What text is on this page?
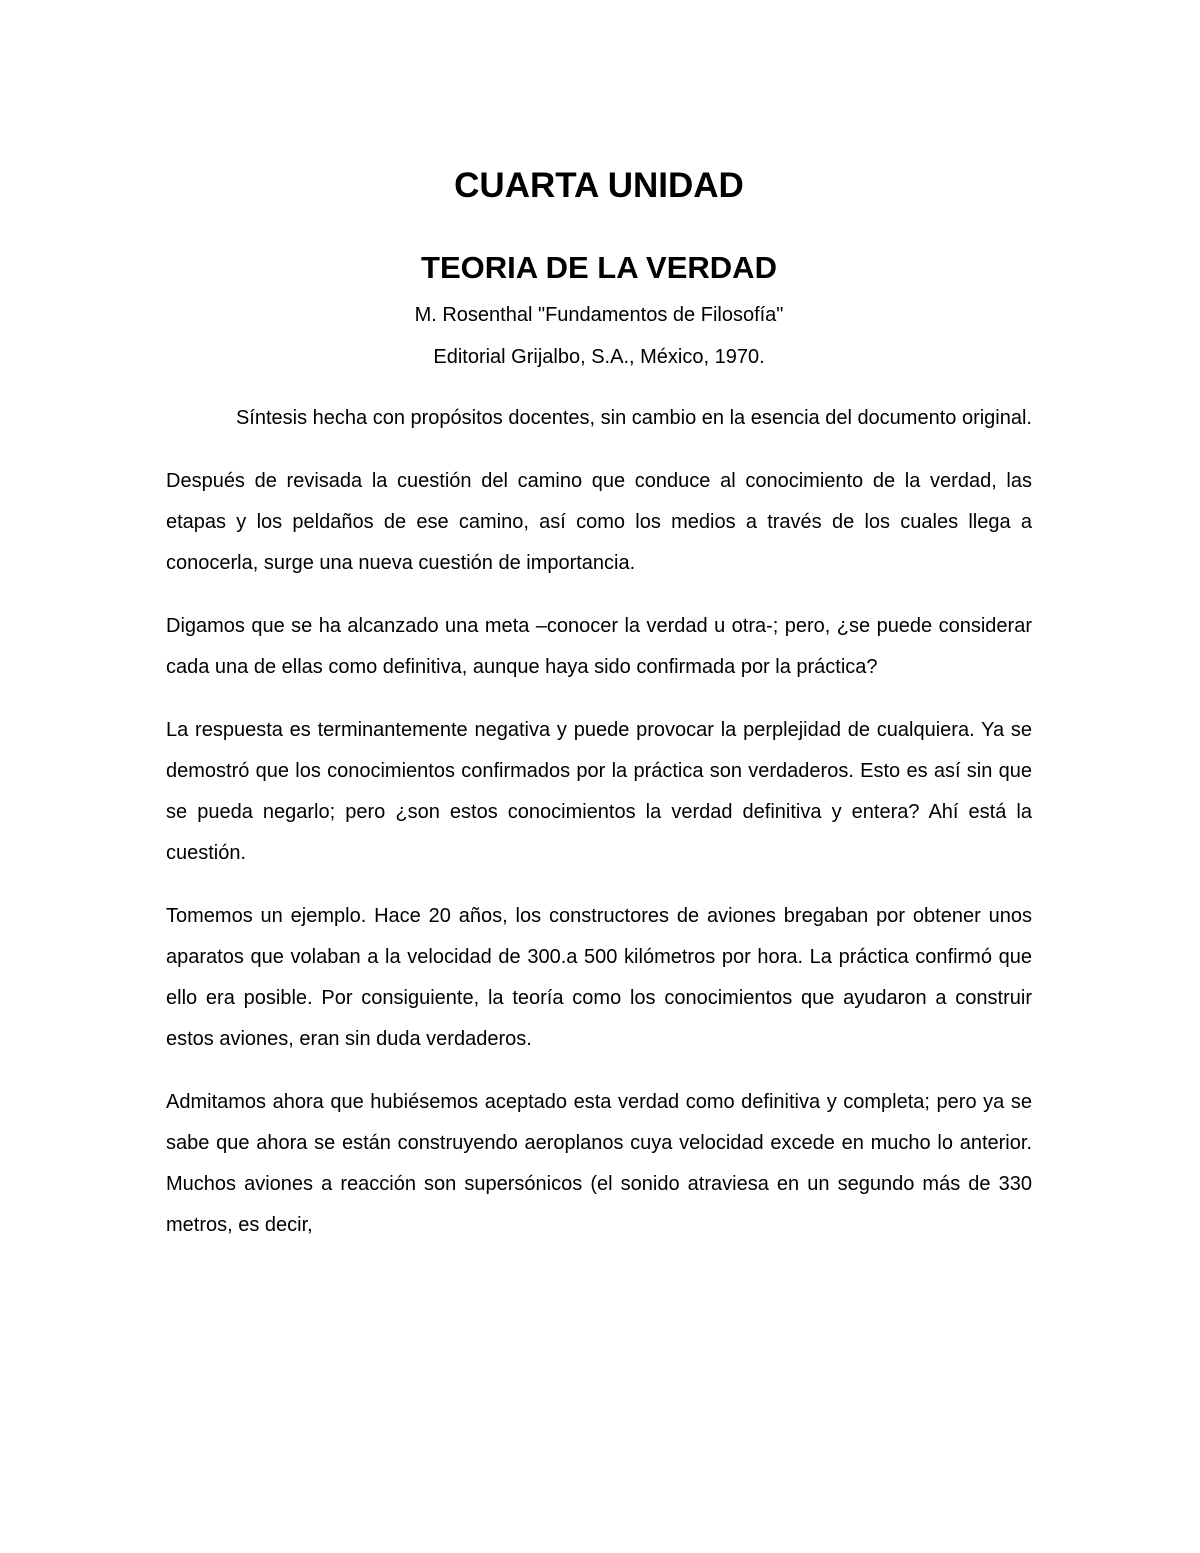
CUARTA UNIDAD
TEORIA DE LA VERDAD

M. Rosenthal "Fundamentos de Filosofía"

Editorial Grijalbo, S.A., México, 1970.

Síntesis hecha con propósitos docentes, sin cambio en la esencia del documento original.

Después de revisada la cuestión del camino que conduce al conocimiento de la verdad, las etapas y los peldaños de ese camino, así como los medios a través de los cuales llega a conocerla, surge una nueva cuestión de importancia.

Digamos que se ha alcanzado una meta –conocer la verdad u otra-; pero, ¿se puede considerar cada una de ellas como definitiva, aunque haya sido confirmada por la práctica?

La respuesta es terminantemente negativa y puede provocar la perplejidad de cualquiera. Ya se demostró que los conocimientos confirmados por la práctica son verdaderos. Esto es así sin que se pueda negarlo; pero ¿son estos conocimientos la verdad definitiva y entera? Ahí está la cuestión.

Tomemos un ejemplo. Hace 20 años, los constructores de aviones bregaban por obtener unos aparatos que volaban a la velocidad de 300.a 500 kilómetros por hora. La práctica confirmó que ello era posible. Por consiguiente, la teoría como los conocimientos que ayudaron a construir estos aviones, eran sin duda verdaderos.

Admitamos ahora que hubiésemos aceptado esta verdad como definitiva y completa; pero ya se sabe que ahora se están construyendo aeroplanos cuya velocidad excede en mucho lo anterior. Muchos aviones a reacción son supersónicos (el sonido atraviesa en un segundo más de 330 metros, es decir,
